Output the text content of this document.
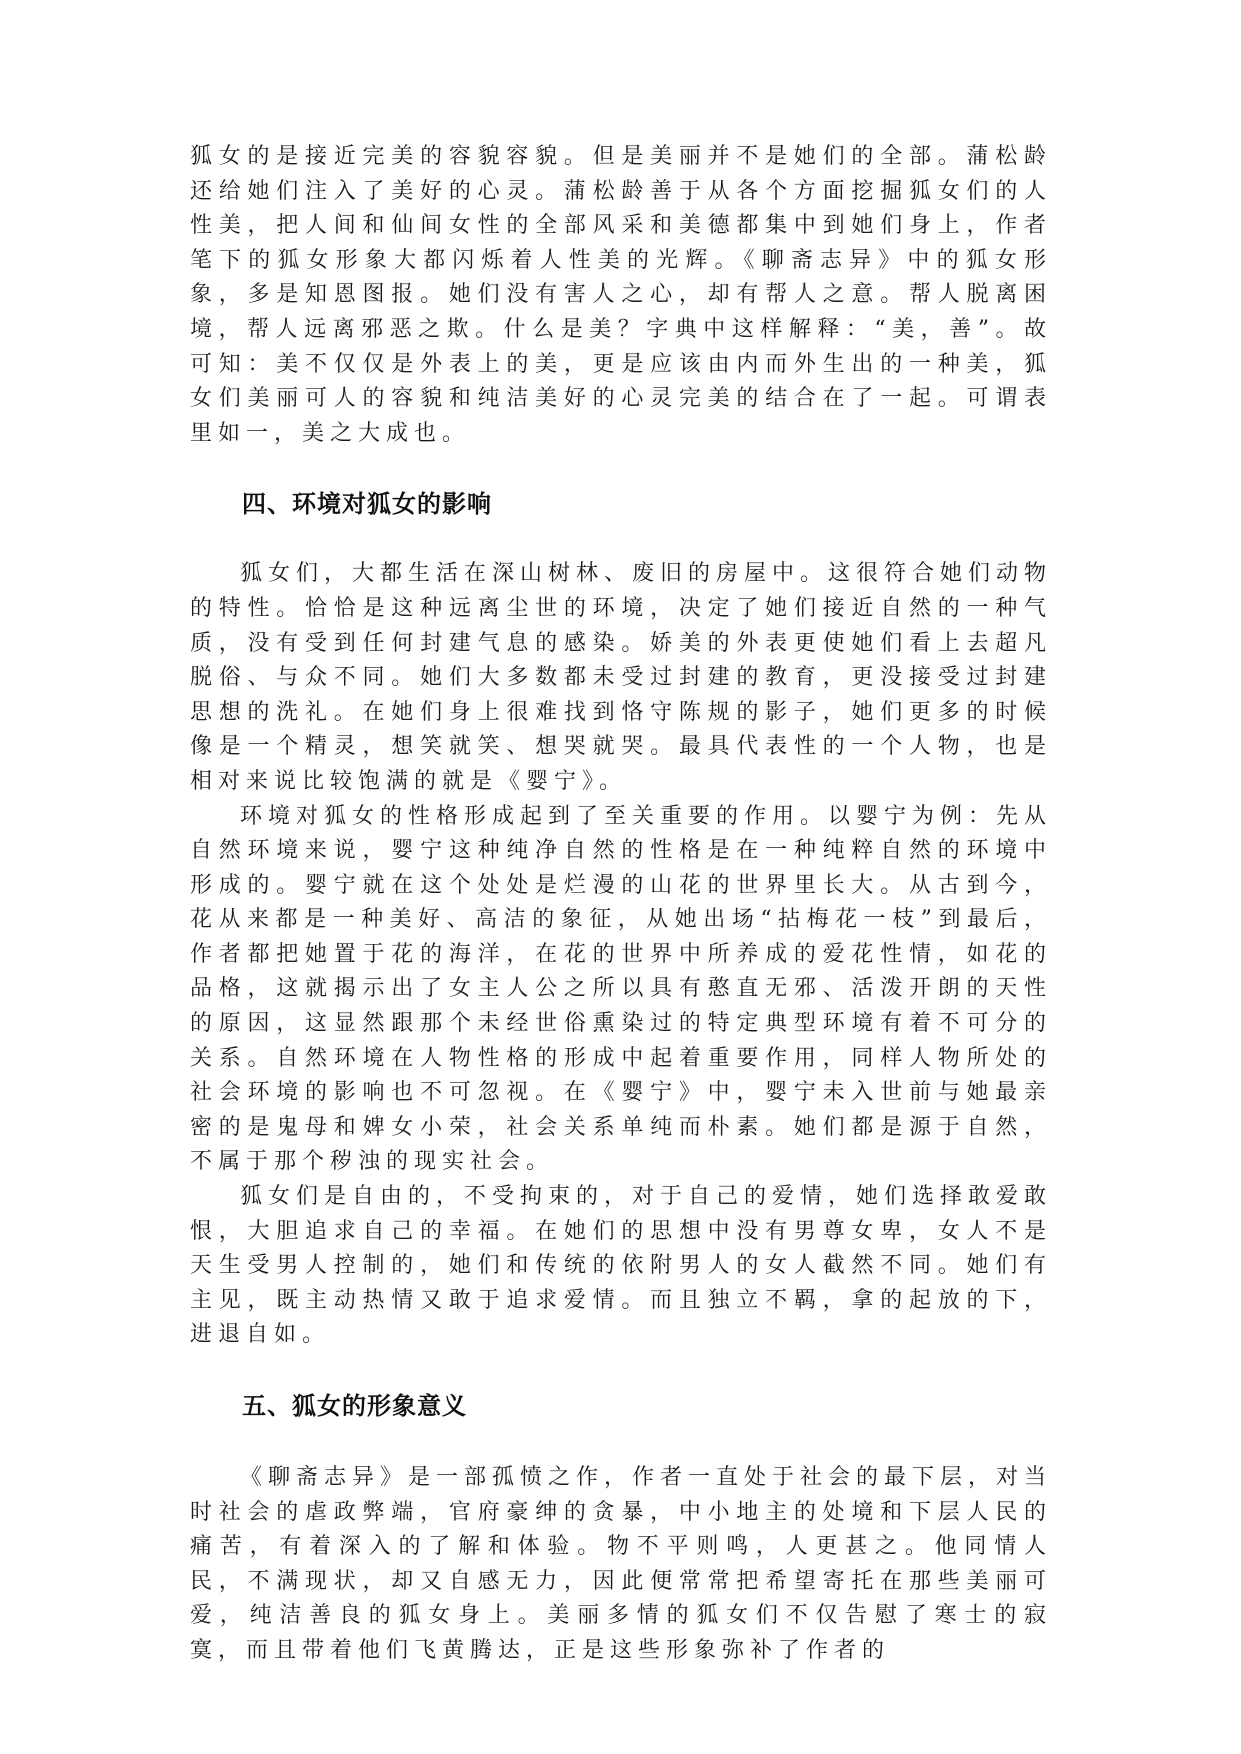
狐女的是接近完美的容貌容貌。但是美丽并不是她们的全部。蒲松龄还给她们注入了美好的心灵。蒲松龄善于从各个方面挖掘狐女们的人性美，把人间和仙间女性的全部风采和美德都集中到她们身上，作者笔下的狐女形象大都闪烁着人性美的光辉。《聊斋志异》中的狐女形象，多是知恩图报。她们没有害人之心，却有帮人之意。帮人脱离困境，帮人远离邪恶之欺。什么是美？字典中这样解释：“美，善”。故可知：美不仅仅是外表上的美，更是应该由内而外生出的一种美，狐女们美丽可人的容貌和纯洁美好的心灵完美的结合在了一起。可谓表里如一，美之大成也。

四、环境对狐女的影响

狐女们，大都生活在深山树林、废旧的房屋中。这很符合她们动物的特性。恰恰是这种远离尘世的环境，决定了她们接近自然的一种气质，没有受到任何封建气息的感染。娇美的外表更使她们看上去超凡脱俗、与众不同。她们大多数都未受过封建的教育，更没接受过封建思想的洗礼。在她们身上很难找到恪守陈规的影子，她们更多的时候像是一个精灵，想笑就笑、想哭就哭。最具代表性的一个人物，也是相对来说比较饱满的就是《婴宁》。

环境对狐女的性格形成起到了至关重要的作用。以婴宁为例：先从自然环境来说，婴宁这种纯净自然的性格是在一种纯粹自然的环境中形成的。婴宁就在这个处处是烂漫的山花的世界里长大。从古到今，花从来都是一种美好、高洁的象征，从她出场“拈梅花一枝”到最后，作者都把她置于花的海洋，在花的世界中所养成的爱花性情，如花的品格，这就揭示出了女主人公之所以具有憨直无邪、活泼开朗的天性的原因，这显然跟那个未经世俗熏染过的特定典型环境有着不可分的关系。自然环境在人物性格的形成中起着重要作用，同样人物所处的社会环境的影响也不可忽视。在《婴宁》中，婴宁未入世前与她最亲密的是鬼母和婢女小荣，社会关系单纯而朴素。她们都是源于自然，不属于那个秽浊的现实社会。

狐女们是自由的，不受拘束的，对于自己的爱情，她们选择敢爱敢恨，大胆追求自己的幸福。在她们的思想中没有男尊女卑，女人不是天生受男人控制的，她们和传统的依附男人的女人截然不同。她们有主见，既主动热情又敢于追求爱情。而且独立不羁，拿的起放的下，进退自如。

五、狐女的形象意义

《聊斋志异》是一部孤愤之作，作者一直处于社会的最下层，对当时社会的虐政弊端，官府豪绅的贪暴，中小地主的处境和下层人民的痛苦，有着深入的了解和体验。物不平则鸣，人更甚之。他同情人民，不满现状，却又自感无力，因此便常常把希望寄托在那些美丽可爱，纯洁善良的狐女身上。美丽多情的狐女们不仅告慰了寒士的寂寞，而且带着他们飞黄腾达，正是这些形象弥补了作者的
